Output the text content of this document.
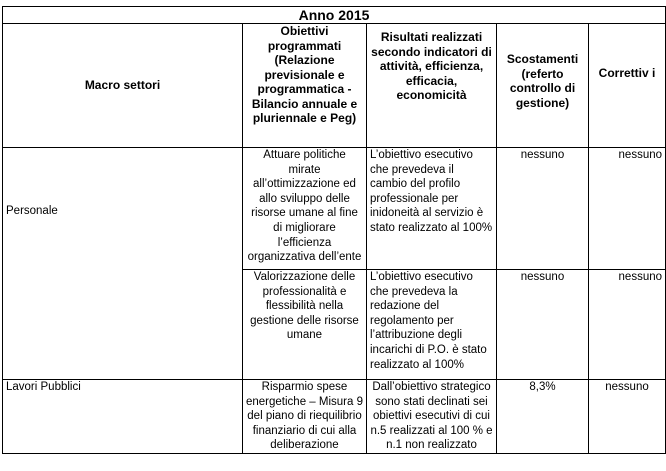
Anno 2015				
Macro settori	Obiettivi programmati (Relazione previsionale e programmatica - Bilancio annuale e pluriennale e Peg)	Risultati realizzati secondo indicatori di attività, efficienza, efficacia, economicità	Scostamenti (referto controllo di gestione)	Correttiv i
Personale	Attuare politiche mirate all’ottimizzazione ed allo sviluppo delle risorse umane al fine di migliorare l’efficienza organizzativa dell’ente	L’obiettivo esecutivo che prevedeva il cambio del profilo professionale per inidoneità al servizio è stato realizzato al 100%	nessuno	nessuno
	Valorizzazione delle professionalità e flessibilità nella gestione delle risorse umane	L’obiettivo esecutivo che prevedeva la redazione del regolamento per l’attribuzione degli incarichi di P.O. è stato realizzato al 100%	nessuno	nessuno
Lavori Pubblici	Risparmio spese energetiche – Misura 9 del piano di riequilibrio finanziario di cui alla deliberazione	Dall’obiettivo strategico sono stati declinati sei obiettivi esecutivi di cui n.5 realizzati al 100 % e n.1 non realizzato	8,3%	nessuno
